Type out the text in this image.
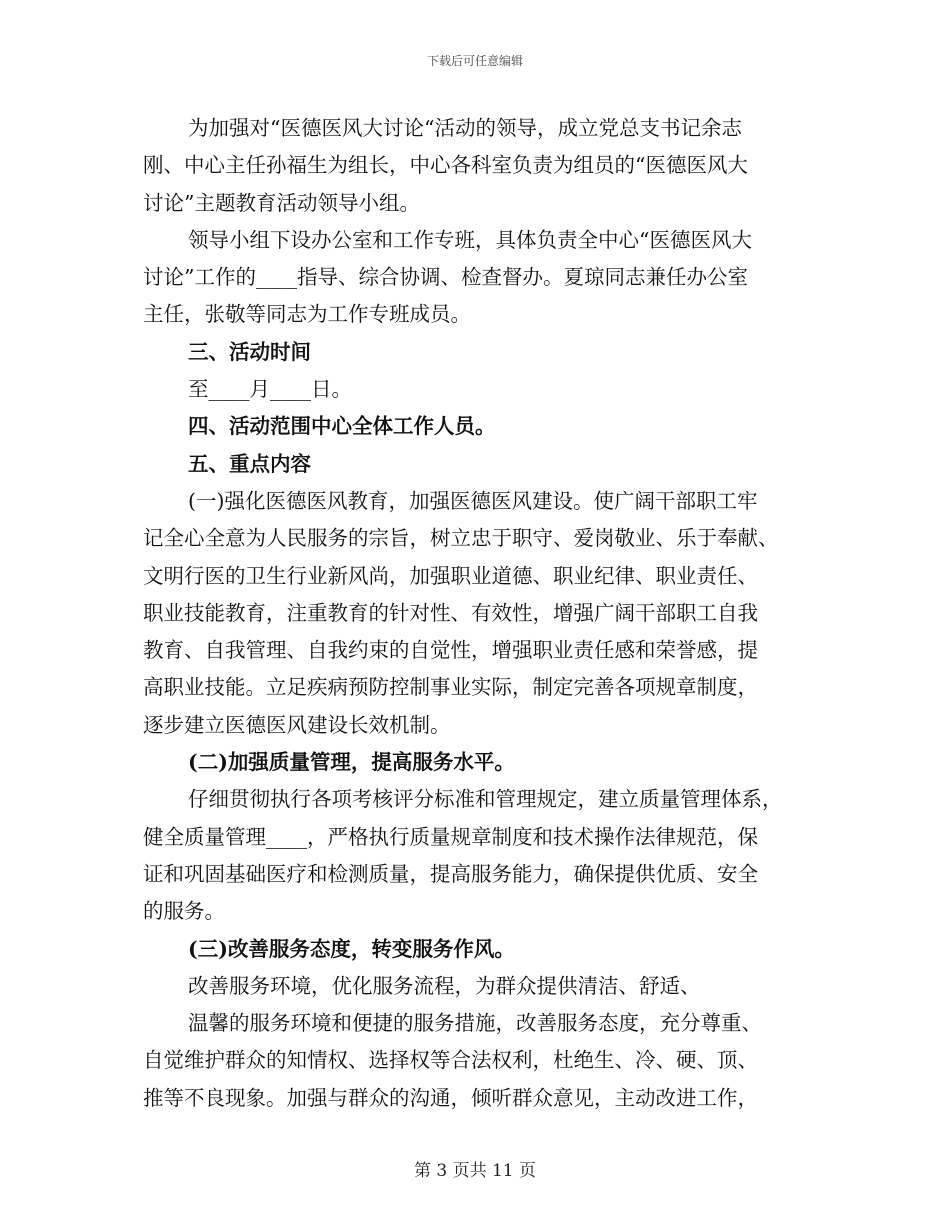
下载后可任意编辑
为加强对“医德医风大讨论“活动的领导，成立党总支书记余志
刚、中心主任孙福生为组长，中心各科室负责为组员的“医德医风大
讨论”主题教育活动领导小组。
领导小组下设办公室和工作专班，具体负责全中心“医德医风大
讨论”工作的____指导、综合协调、检查督办。夏琼同志兼任办公室
主任，张敬等同志为工作专班成员。
三、活动时间
至____月____日。
四、活动范围中心全体工作人员。
五、重点内容
(一)强化医德医风教育，加强医德医风建设。使广阔干部职工牢
记全心全意为人民服务的宗旨，树立忠于职守、爱岗敬业、乐于奉献、
文明行医的卫生行业新风尚，加强职业道德、职业纪律、职业责任、
职业技能教育，注重教育的针对性、有效性，增强广阔干部职工自我
教育、自我管理、自我约束的自觉性，增强职业责任感和荣誉感，提
高职业技能。立足疾病预防控制事业实际，制定完善各项规章制度，
逐步建立医德医风建设长效机制。
(二)加强质量管理，提高服务水平。
仔细贯彻执行各项考核评分标准和管理规定，建立质量管理体系，
健全质量管理____，严格执行质量规章制度和技术操作法律规范，保
证和巩固基础医疗和检测质量，提高服务能力，确保提供优质、安全
的服务。
(三)改善服务态度，转变服务作风。
改善服务环境，优化服务流程，为群众提供清洁、舒适、
温馨的服务环境和便捷的服务措施，改善服务态度，充分尊重、
自觉维护群众的知情权、选择权等合法权利，杜绝生、冷、硬、顶、
推等不良现象。加强与群众的沟通，倾听群众意见，主动改进工作，
第 3 页共 11 页
